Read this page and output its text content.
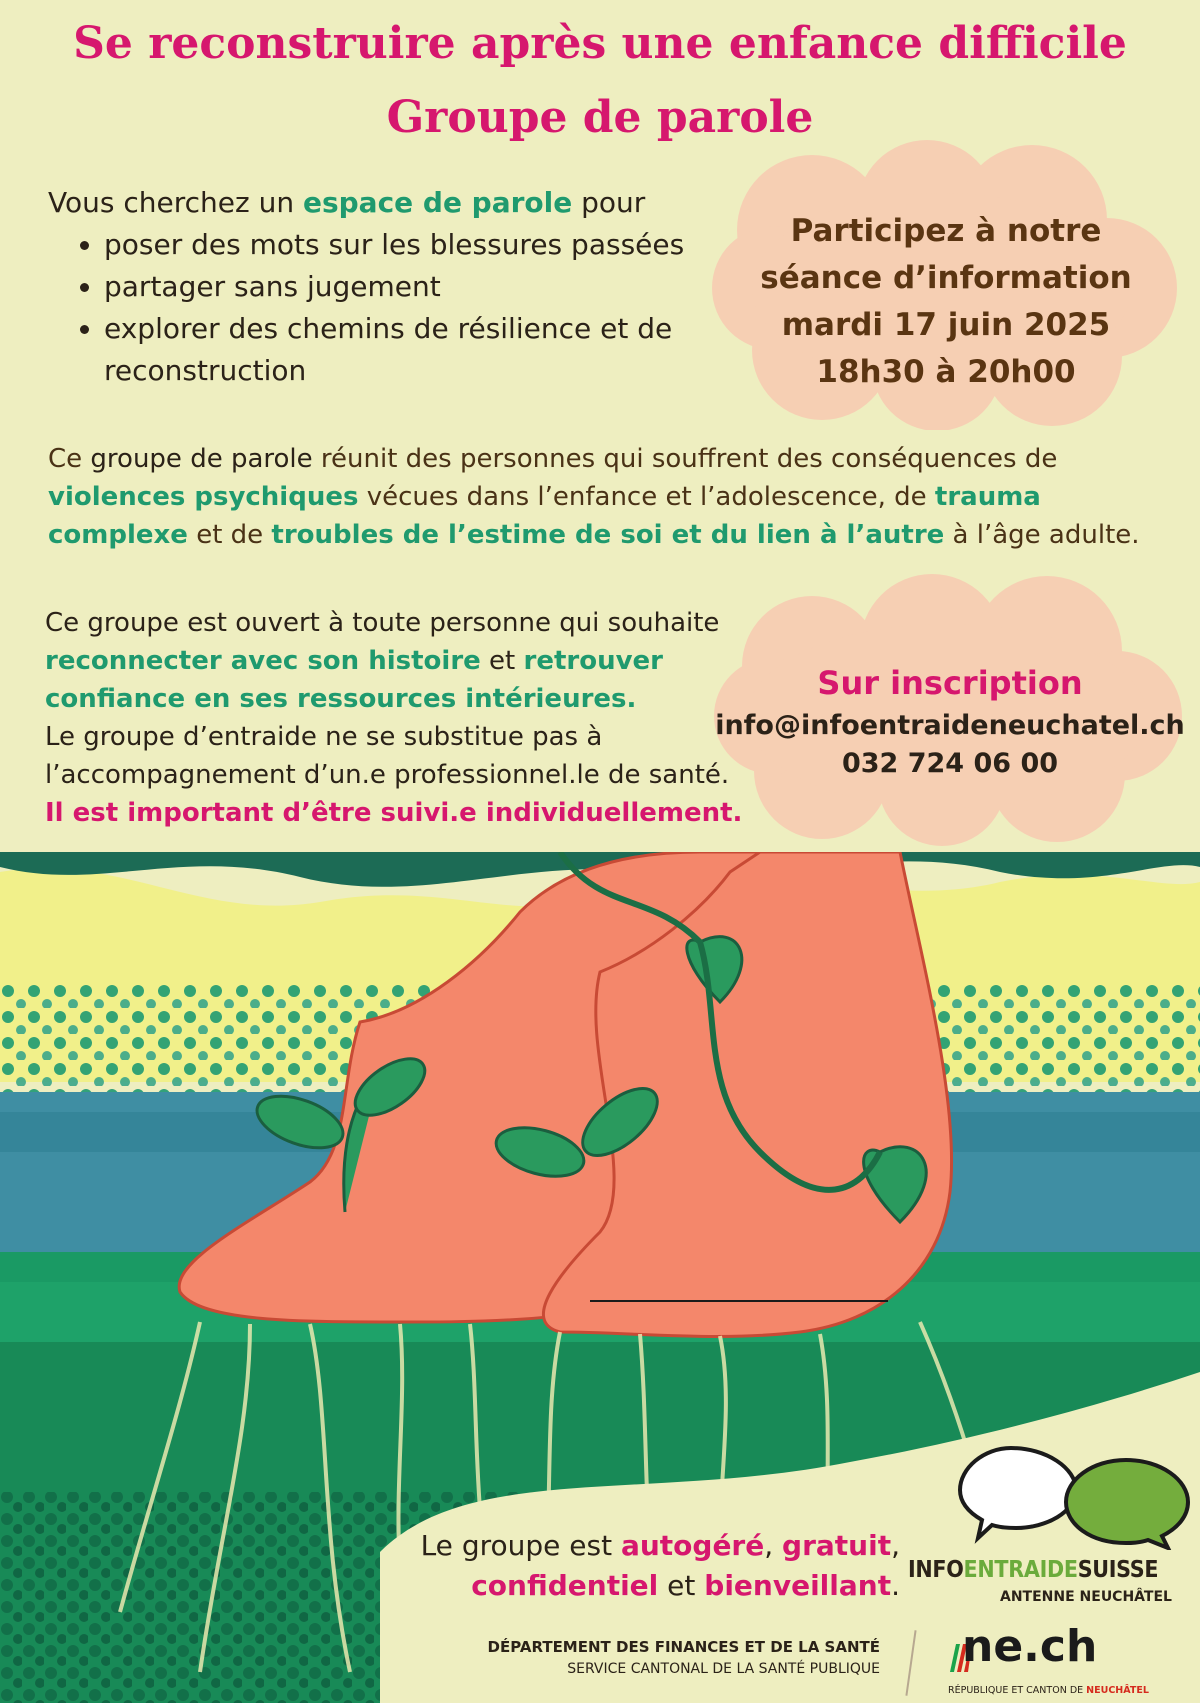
Se reconstruire après une enfance difficile
Groupe de parole
Vous cherchez un espace de parole pour
• poser des mots sur les blessures passées
• partager sans jugement
• explorer des chemins de résilience et de reconstruction
Participez à notre
séance d’information
mardi 17 juin 2025
18h30 à 20h00
Ce groupe de parole réunit des personnes qui souffrent des conséquences de violences psychiques vécues dans l’enfance et l’adolescence, de trauma complexe et de troubles de l’estime de soi et du lien à l’autre à l’âge adulte.
Ce groupe est ouvert à toute personne qui souhaite reconnecter avec son histoire et retrouver confiance en ses ressources intérieures.
Le groupe d’entraide ne se substitue pas à l’accompagnement d’un.e professionnel.le de santé.
Il est important d’être suivi.e individuellement.
Sur inscription
info@infoentraideneuchatel.ch
032 724 06 00
Le groupe est autogéré, gratuit,
confidentiel et bienveillant. INFOENTRAIDESUISSE
ANTENNE NEUCHÂTEL
DÉPARTEMENT DES FINANCES ET DE LA SANTÉ
SERVICE CANTONAL DE LA SANTÉ PUBLIQUE ne.ch
RÉPUBLIQUE ET CANTON DE NEUCHÂTEL
